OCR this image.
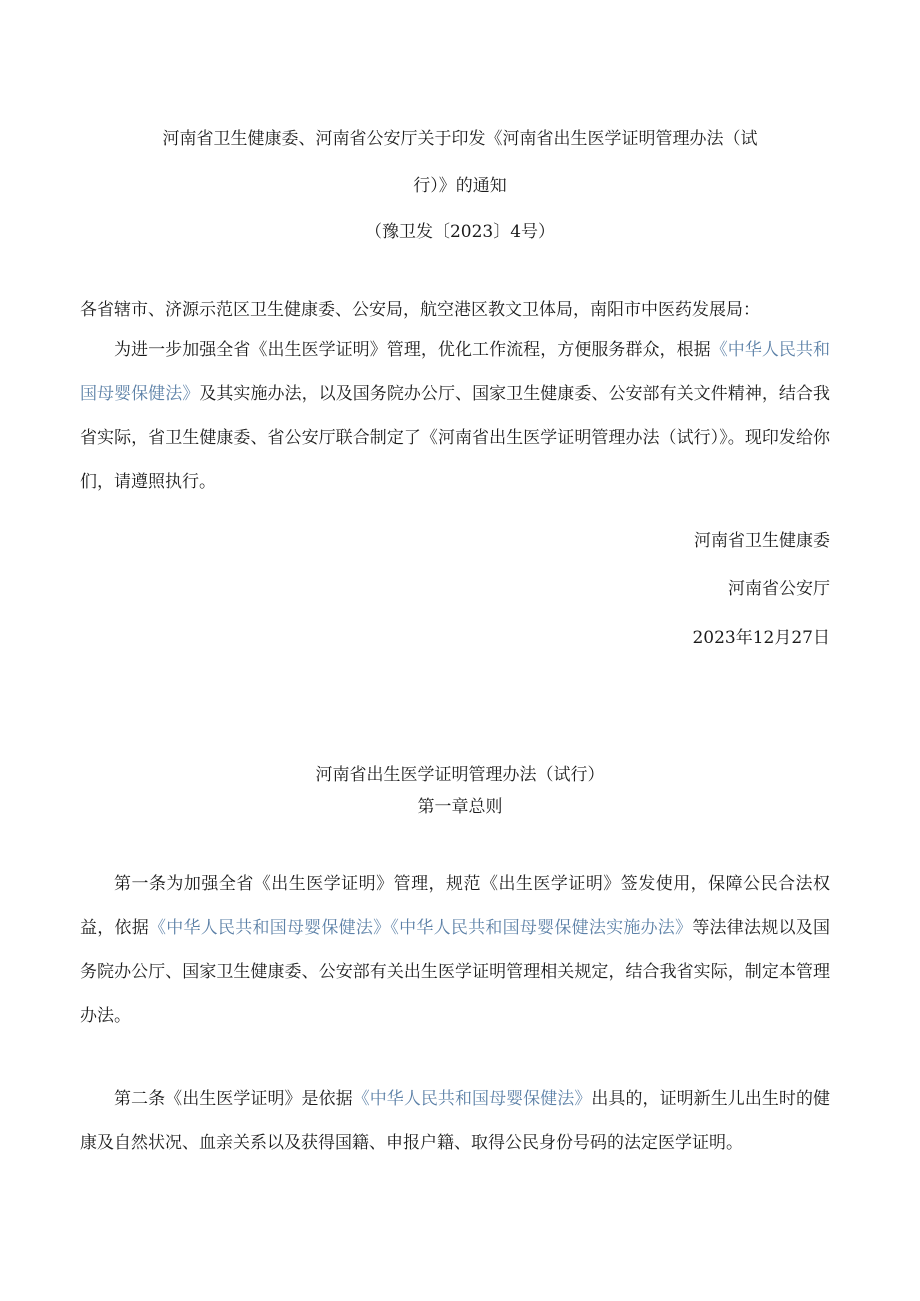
河南省卫生健康委、河南省公安厅关于印发《河南省出生医学证明管理办法（试
行）》的通知
（豫卫发〔2023〕4号）

各省辖市、济源示范区卫生健康委、公安局，航空港区教文卫体局，南阳市中医药发展局：

为进一步加强全省《出生医学证明》管理，优化工作流程，方便服务群众，根据《中华人民共和国母婴保健法》及其实施办法，以及国务院办公厅、国家卫生健康委、公安部有关文件精神，结合我省实际，省卫生健康委、省公安厅联合制定了《河南省出生医学证明管理办法（试行）》。现印发给你们，请遵照执行。

河南省卫生健康委
河南省公安厅
2023年12月27日
河南省出生医学证明管理办法（试行）
第一章总则

第一条为加强全省《出生医学证明》管理，规范《出生医学证明》签发使用，保障公民合法权益，依据《中华人民共和国母婴保健法》《中华人民共和国母婴保健法实施办法》等法律法规以及国务院办公厅、国家卫生健康委、公安部有关出生医学证明管理相关规定，结合我省实际，制定本管理办法。

第二条《出生医学证明》是依据《中华人民共和国母婴保健法》出具的，证明新生儿出生时的健康及自然状况、血亲关系以及获得国籍、申报户籍、取得公民身份号码的法定医学证明。
